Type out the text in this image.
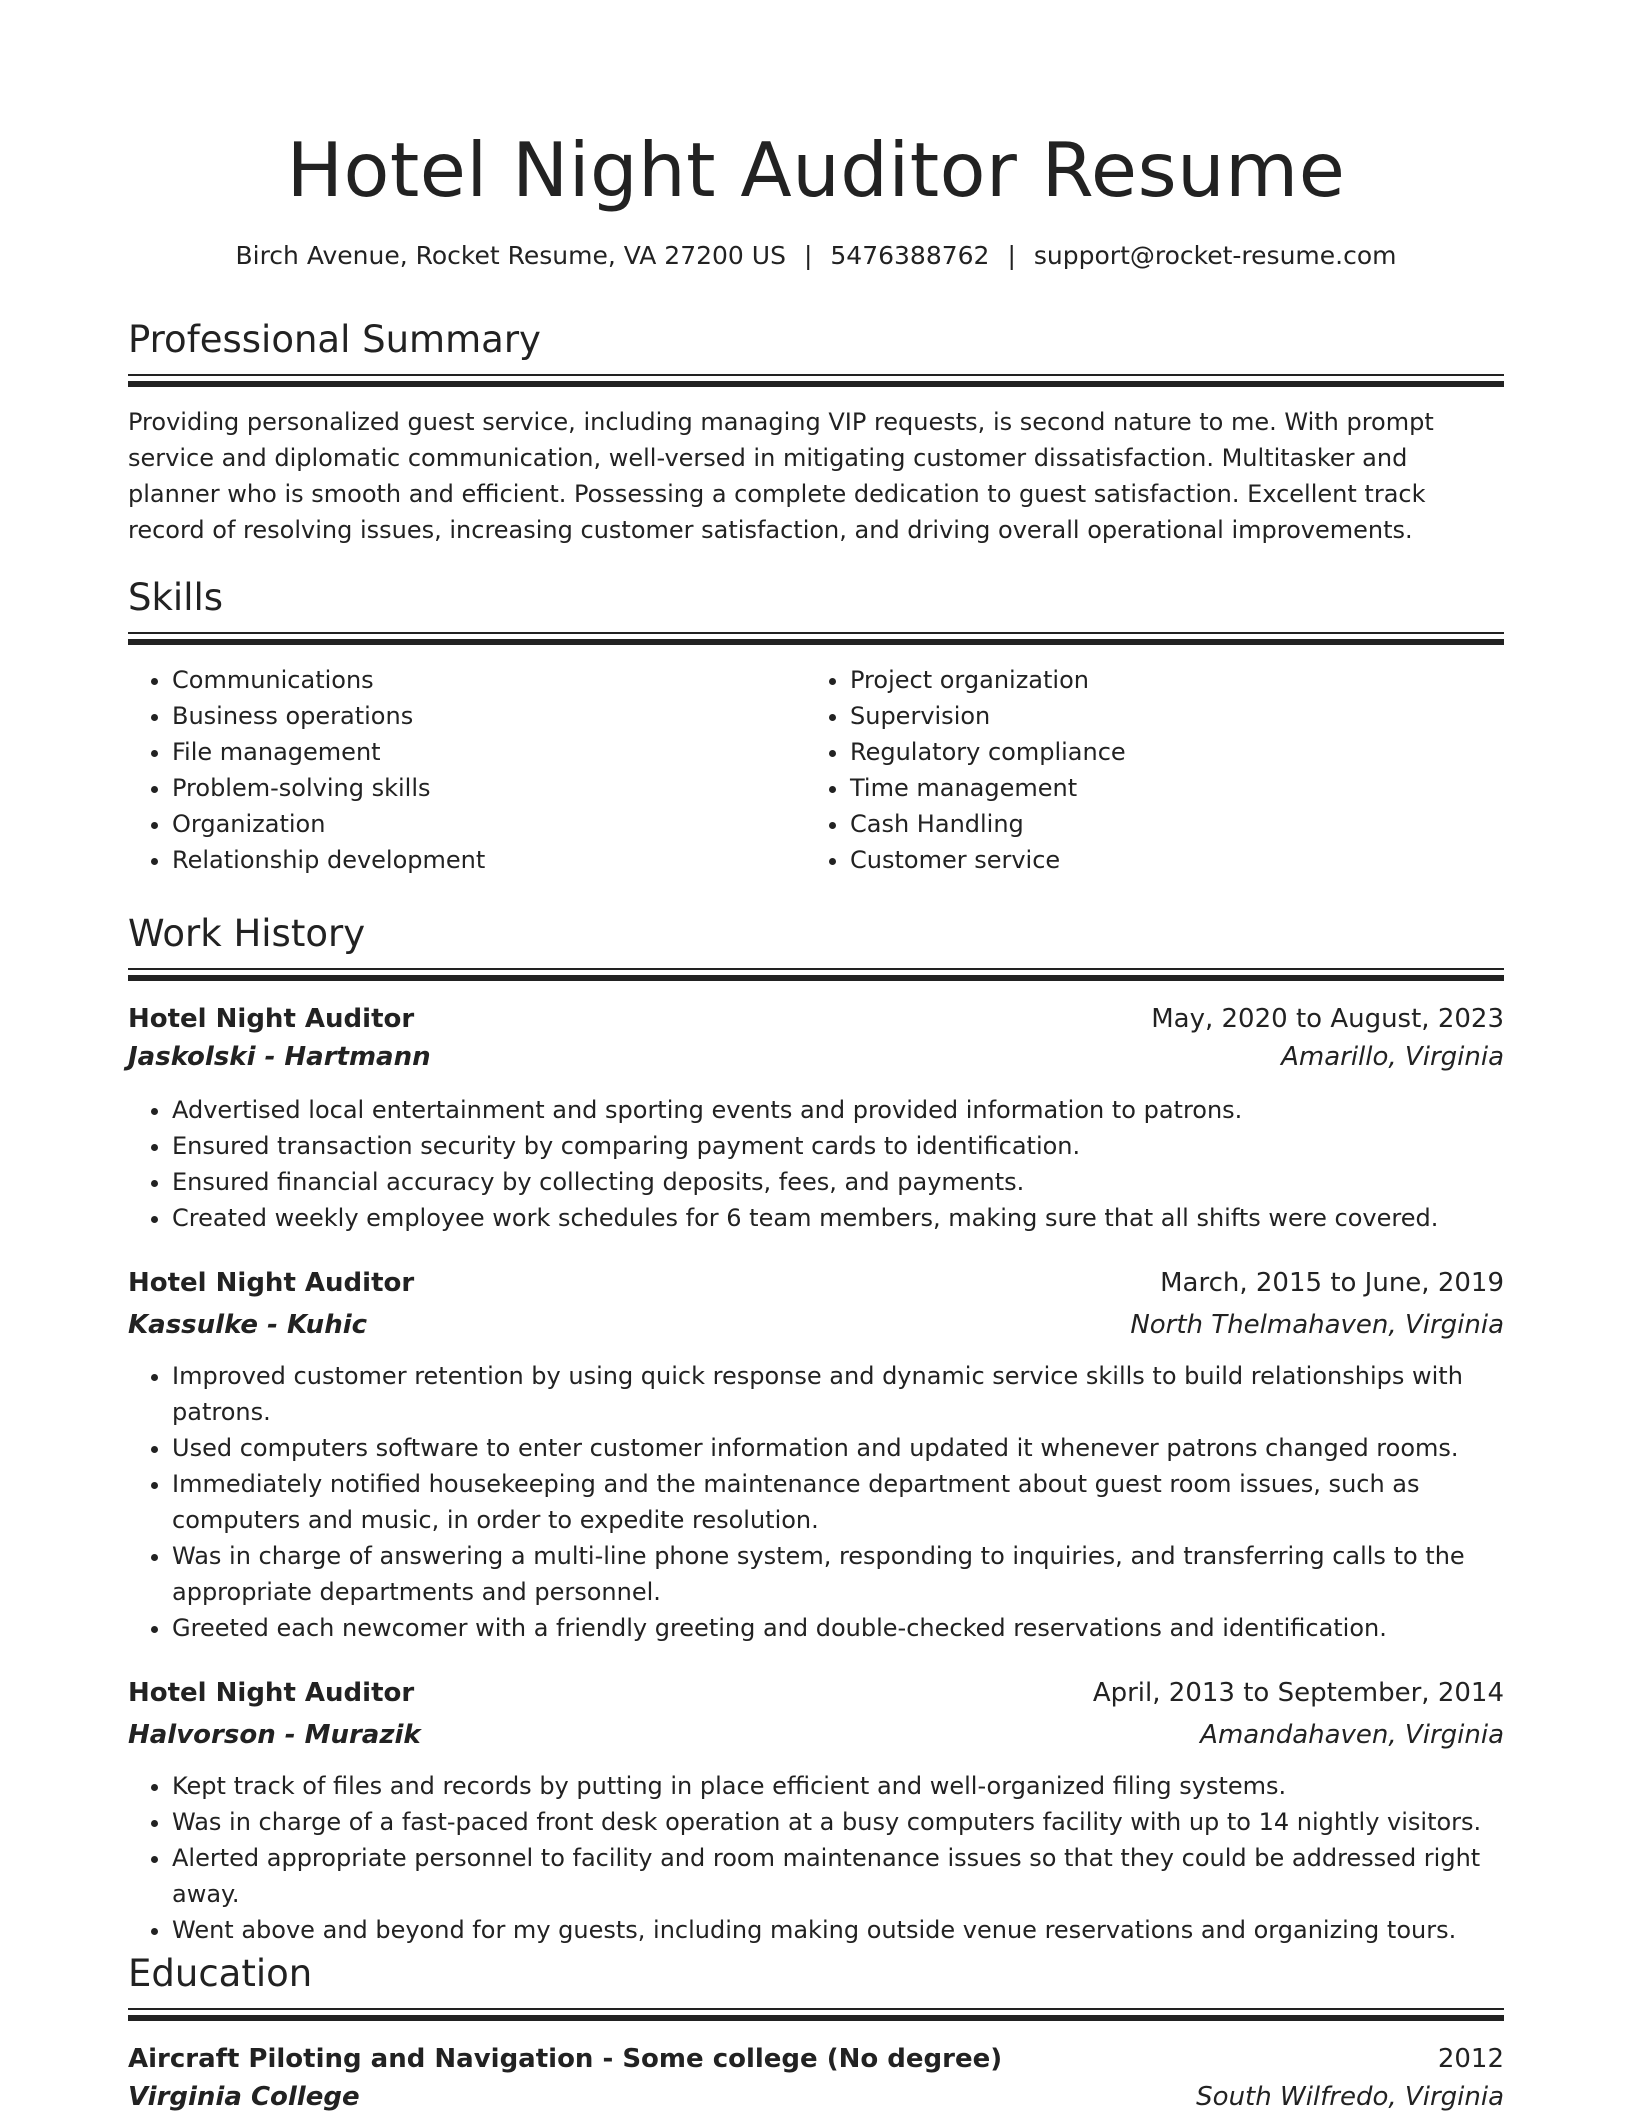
Hotel Night Auditor Resume
Birch Avenue, Rocket Resume, VA 27200 US | 5476388762 | support@rocket-resume.com
Professional Summary

Providing personalized guest service, including managing VIP requests, is second nature to me. With prompt service and diplomatic communication, well-versed in mitigating customer dissatisfaction. Multitasker and planner who is smooth and efficient. Possessing a complete dedication to guest satisfaction. Excellent track record of resolving issues, increasing customer satisfaction, and driving overall operational improvements.

Skills
• Communications
• Business operations
• File management
• Problem-solving skills
• Organization
• Relationship development
• Project organization
• Supervision
• Regulatory compliance
• Time management
• Cash Handling
• Customer service
Work History
Hotel Night Auditor	May, 2020 to August, 2023
Jaskolski - Hartmann	Amarillo, Virginia
• Advertised local entertainment and sporting events and provided information to patrons.
• Ensured transaction security by comparing payment cards to identification.
• Ensured financial accuracy by collecting deposits, fees, and payments.
• Created weekly employee work schedules for 6 team members, making sure that all shifts were covered.
Hotel Night Auditor	March, 2015 to June, 2019
Kassulke - Kuhic	North Thelmahaven, Virginia
• Improved customer retention by using quick response and dynamic service skills to build relationships with patrons.
• Used computers software to enter customer information and updated it whenever patrons changed rooms.
• Immediately notified housekeeping and the maintenance department about guest room issues, such as computers and music, in order to expedite resolution.
• Was in charge of answering a multi-line phone system, responding to inquiries, and transferring calls to the appropriate departments and personnel.
• Greeted each newcomer with a friendly greeting and double-checked reservations and identification.
Hotel Night Auditor	April, 2013 to September, 2014
Halvorson - Murazik	Amandahaven, Virginia
• Kept track of files and records by putting in place efficient and well-organized filing systems.
• Was in charge of a fast-paced front desk operation at a busy computers facility with up to 14 nightly visitors.
• Alerted appropriate personnel to facility and room maintenance issues so that they could be addressed right away.
• Went above and beyond for my guests, including making outside venue reservations and organizing tours.
Education
Aircraft Piloting and Navigation - Some college (No degree)	2012
Virginia College	South Wilfredo, Virginia
